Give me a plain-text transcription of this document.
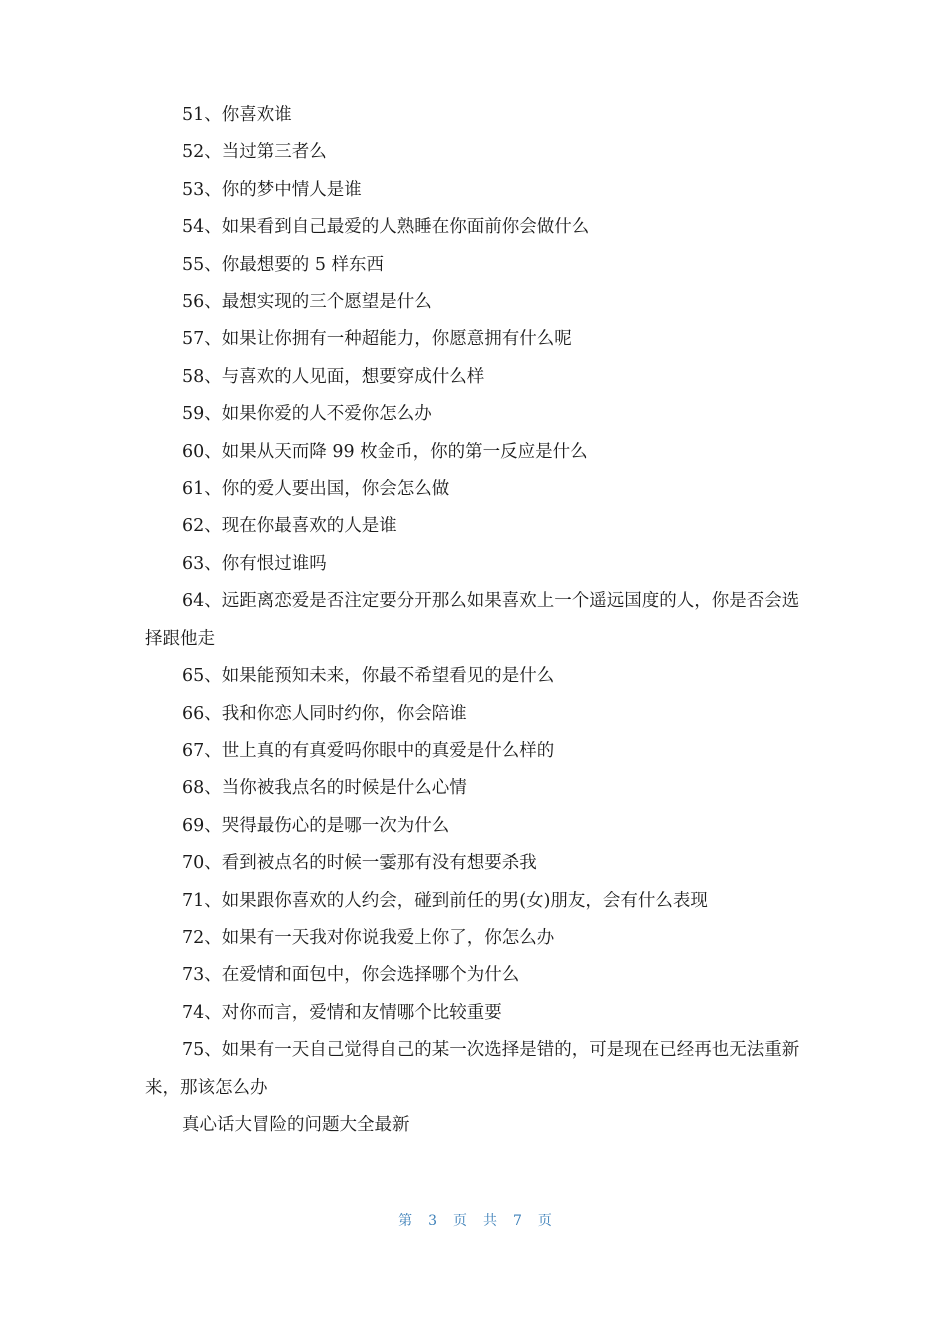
51、你喜欢谁

52、当过第三者么

53、你的梦中情人是谁

54、如果看到自己最爱的人熟睡在你面前你会做什么

55、你最想要的 5 样东西

56、最想实现的三个愿望是什么

57、如果让你拥有一种超能力，你愿意拥有什么呢

58、与喜欢的人见面，想要穿成什么样

59、如果你爱的人不爱你怎么办

60、如果从天而降 99 枚金币，你的第一反应是什么

61、你的爱人要出国，你会怎么做

62、现在你最喜欢的人是谁

63、你有恨过谁吗

64、远距离恋爱是否注定要分开那么如果喜欢上一个遥远国度的人，你是否会选择跟他走

65、如果能预知未来，你最不希望看见的是什么

66、我和你恋人同时约你，你会陪谁

67、世上真的有真爱吗你眼中的真爱是什么样的

68、当你被我点名的时候是什么心情

69、哭得最伤心的是哪一次为什么

70、看到被点名的时候一霎那有没有想要杀我

71、如果跟你喜欢的人约会，碰到前任的男(女)朋友，会有什么表现

72、如果有一天我对你说我爱上你了，你怎么办

73、在爱情和面包中，你会选择哪个为什么

74、对你而言，爱情和友情哪个比较重要

75、如果有一天自己觉得自己的某一次选择是错的，可是现在已经再也无法重新来，那该怎么办

真心话大冒险的问题大全最新

第 3 页 共 7 页
